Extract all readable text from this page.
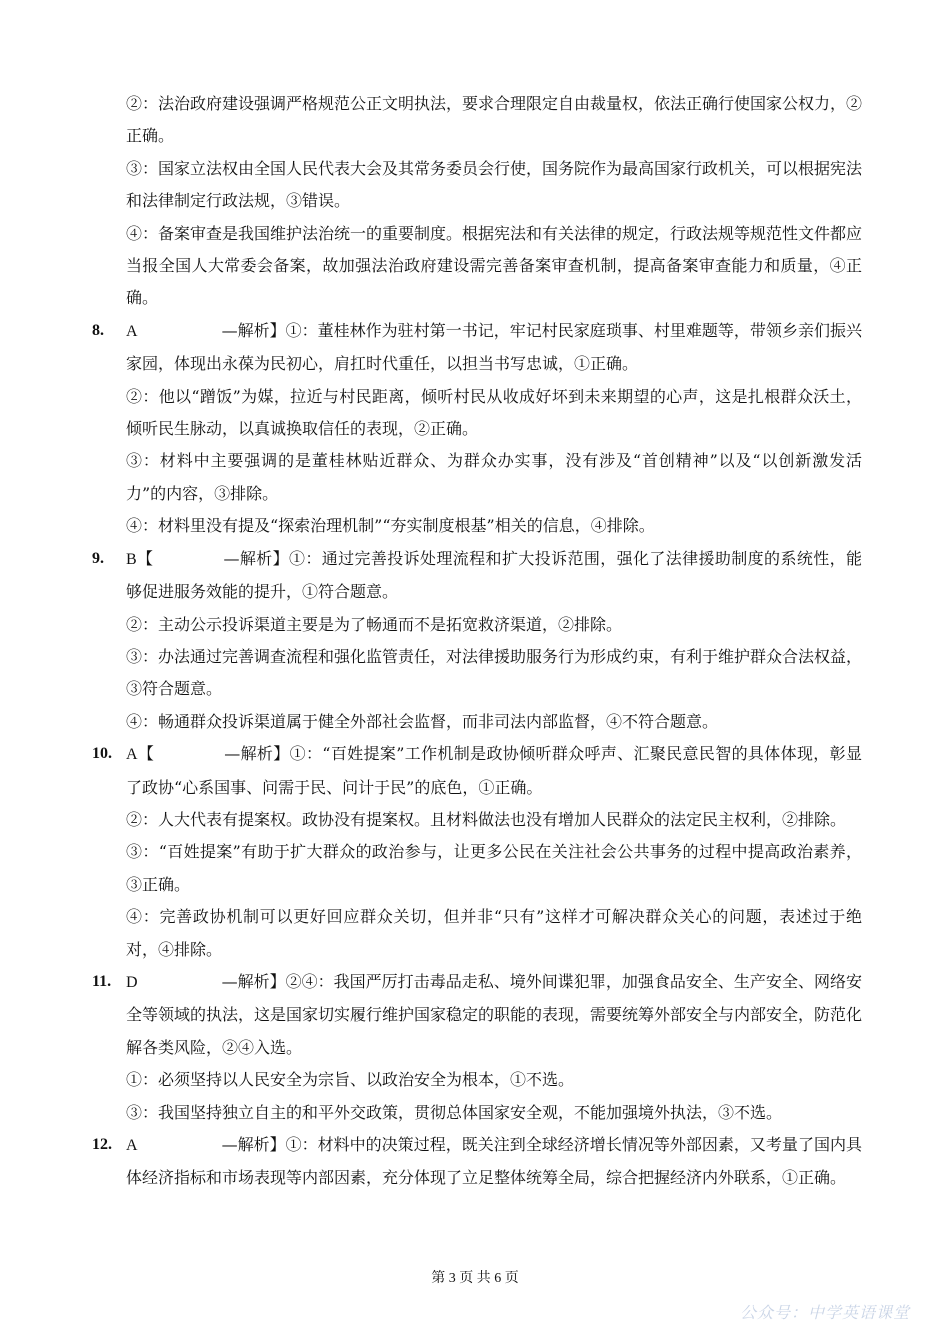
②：法治政府建设强调严格规范公正文明执法，要求合理限定自由裁量权，依法正确行使国家公权力，②正确。

③：国家立法权由全国人民代表大会及其常务委员会行使，国务院作为最高国家行政机关，可以根据宪法和法律制定行政法规，③错误。

④：备案审查是我国维护法治统一的重要制度。根据宪法和有关法律的规定，行政法规等规范性文件都应当报全国人大常委会备案，故加强法治政府建设需完善备案审查机制，提高备案审查能力和质量，④正确。

8. A	—解析】①：董桂林作为驻村第一书记，牢记村民家庭琐事、村里难题等，带领乡亲们振兴家园，体现出永葆为民初心，肩扛时代重任，以担当书写忠诚，①正确。

②：他以“蹭饭”为媒，拉近与村民距离，倾听村民从收成好坏到未来期望的心声，这是扎根群众沃土，倾听民生脉动，以真诚换取信任的表现，②正确。

③：材料中主要强调的是董桂林贴近群众、为群众办实事，没有涉及“首创精神”以及“以创新激发活力”的内容，③排除。

④：材料里没有提及“探索治理机制”“夯实制度根基”相关的信息，④排除。

9. B【	—解析】①：通过完善投诉处理流程和扩大投诉范围，强化了法律援助制度的系统性，能够促进服务效能的提升，①符合题意。

②：主动公示投诉渠道主要是为了畅通而不是拓宽救济渠道，②排除。

③：办法通过完善调查流程和强化监管责任，对法律援助服务行为形成约束，有利于维护群众合法权益，③符合题意。

④：畅通群众投诉渠道属于健全外部社会监督，而非司法内部监督，④不符合题意。

10. A【	—解析】①：“百姓提案”工作机制是政协倾听群众呼声、汇聚民意民智的具体体现，彰显了政协“心系国事、问需于民、问计于民”的底色，①正确。

②：人大代表有提案权。政协没有提案权。且材料做法也没有增加人民群众的法定民主权利，②排除。

③：“百姓提案”有助于扩大群众的政治参与，让更多公民在关注社会公共事务的过程中提高政治素养，③正确。

④：完善政协机制可以更好回应群众关切，但并非“只有”这样才可解决群众关心的问题，表述过于绝对，④排除。

11. D	—解析】②④：我国严厉打击毒品走私、境外间谍犯罪，加强食品安全、生产安全、网络安全等领域的执法，这是国家切实履行维护国家稳定的职能的表现，需要统筹外部安全与内部安全，防范化解各类风险，②④入选。

①：必须坚持以人民安全为宗旨、以政治安全为根本，①不选。

③：我国坚持独立自主的和平外交政策，贯彻总体国家安全观，不能加强境外执法，③不选。

12. A	—解析】①：材料中的决策过程，既关注到全球经济增长情况等外部因素，又考量了国内具体经济指标和市场表现等内部因素，充分体现了立足整体统筹全局，综合把握经济内外联系，①正确。

第 3 页 共 6 页
公众号：中学英语课堂
